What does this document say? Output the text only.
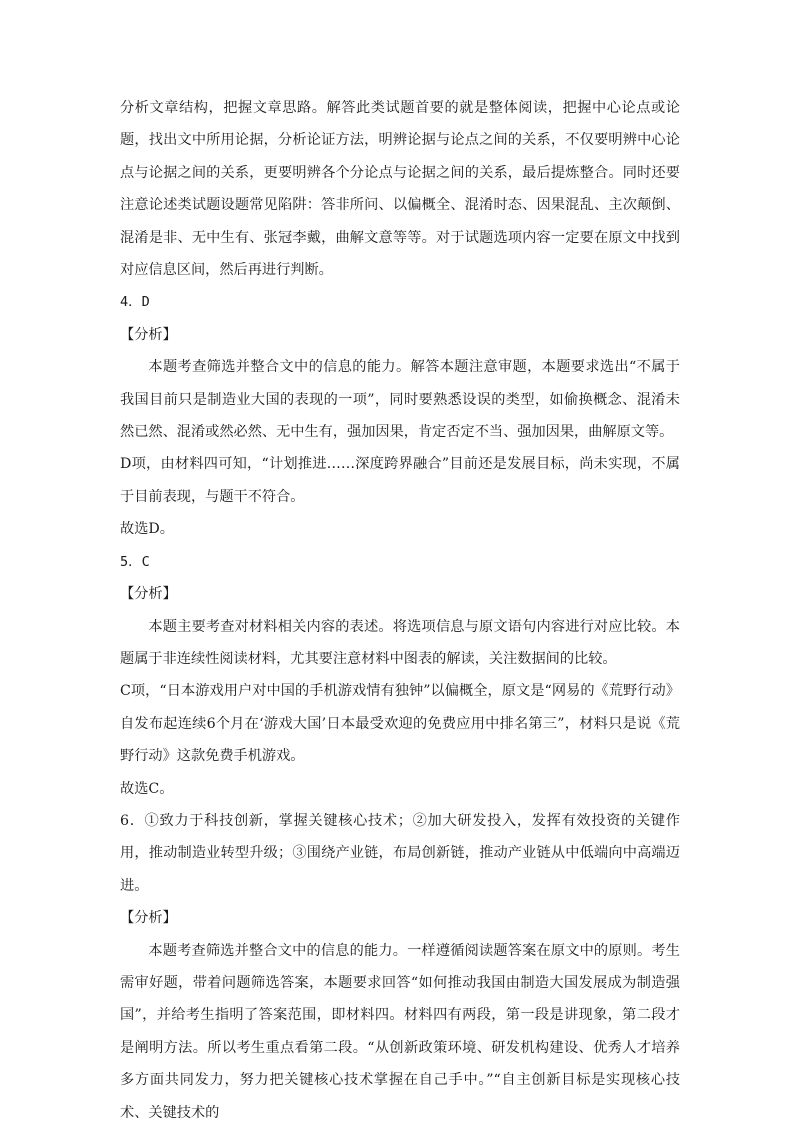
分析文章结构，把握文章思路。解答此类试题首要的就是整体阅读，把握中心论点或论题，找出文中所用论据，分析论证方法，明辨论据与论点之间的关系，不仅要明辨中心论点与论据之间的关系，更要明辨各个分论点与论据之间的关系，最后提炼整合。同时还要注意论述类试题设题常见陷阱：答非所问、以偏概全、混淆时态、因果混乱、主次颠倒、混淆是非、无中生有、张冠李戴，曲解文意等等。对于试题选项内容一定要在原文中找到对应信息区间，然后再进行判断。

4．D

【分析】

本题考查筛选并整合文中的信息的能力。解答本题注意审题，本题要求选出“不属于我国目前只是制造业大国的表现的一项”，同时要熟悉设误的类型，如偷换概念、混淆未然已然、混淆或然必然、无中生有，强加因果，肯定否定不当、强加因果，曲解原文等。

D项，由材料四可知，“计划推进……深度跨界融合”目前还是发展目标，尚未实现，不属于目前表现，与题干不符合。

故选D。

5．C

【分析】

本题主要考查对材料相关内容的表述。将选项信息与原文语句内容进行对应比较。本题属于非连续性阅读材料，尤其要注意材料中图表的解读，关注数据间的比较。

C项，“日本游戏用户对中国的手机游戏情有独钟”以偏概全，原文是“网易的《荒野行动》自发布起连续6个月在‘游戏大国’日本最受欢迎的免费应用中排名第三”，材料只是说《荒野行动》这款免费手机游戏。

故选C。

6．①致力于科技创新，掌握关键核心技术；②加大研发投入，发挥有效投资的关键作用，推动制造业转型升级；③围绕产业链，布局创新链，推动产业链从中低端向中高端迈进。

【分析】

本题考查筛选并整合文中的信息的能力。一样遵循阅读题答案在原文中的原则。考生需审好题，带着问题筛选答案，本题要求回答“如何推动我国由制造大国发展成为制造强国”，并给考生指明了答案范围，即材料四。材料四有两段，第一段是讲现象，第二段才是阐明方法。所以考生重点看第二段。“从创新政策环境、研发机构建设、优秀人才培养多方面共同发力，努力把关键核心技术掌握在自己手中。”“自主创新目标是实现核心技术、关键技术的
